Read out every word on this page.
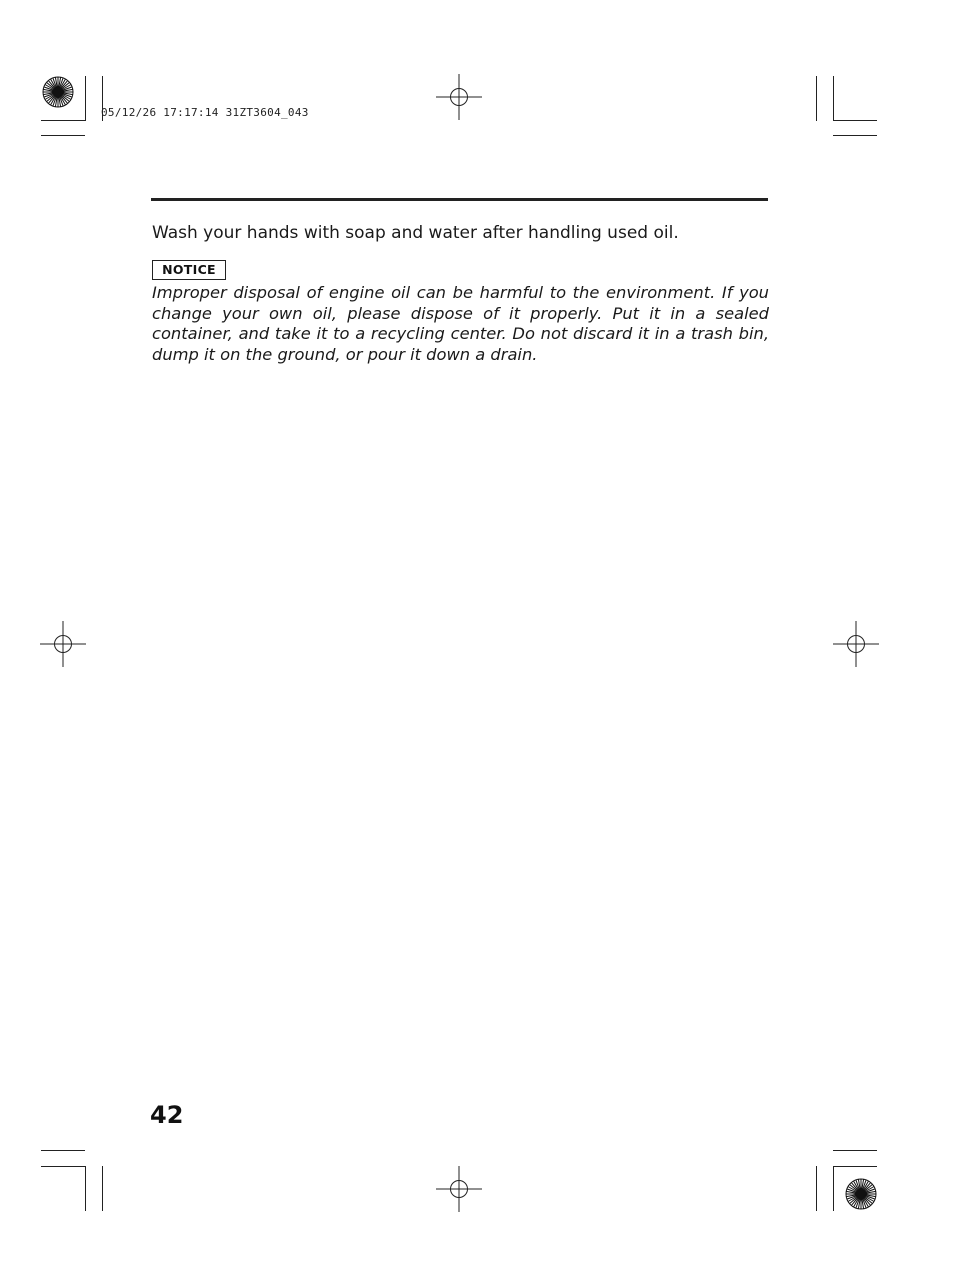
05/12/26 17:17:14 31ZT3604_043
Wash your hands with soap and water after handling used oil.
NOTICE
Improper disposal of engine oil can be harmful to the environment. If you change your own oil, please dispose of it properly. Put it in a sealed container, and take it to a recycling center. Do not discard it in a trash bin, dump it on the ground, or pour it down a drain.
42
